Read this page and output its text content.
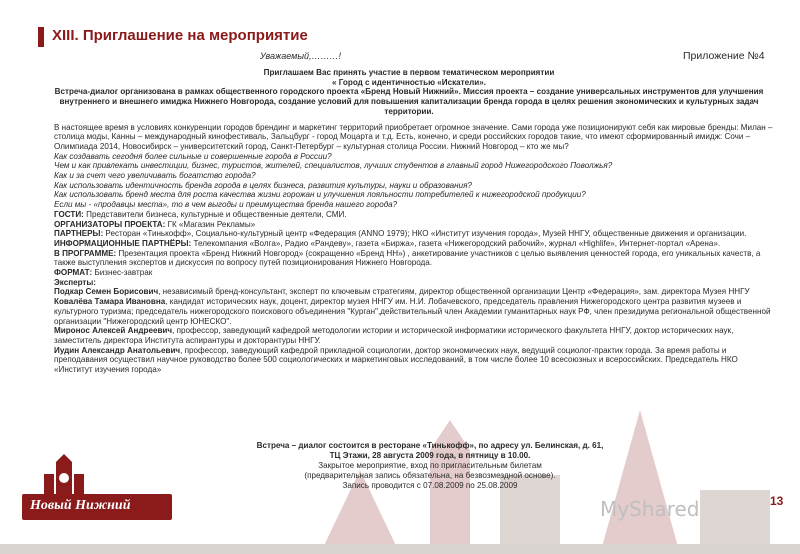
XIII. Приглашение на мероприятие
Уважаемый,………!	Приложение №4

Приглашаем Вас принять участие в первом тематическом мероприятии

« Город с идентичностью «Искатели».

Встреча-диалог организована в рамках общественного городского проекта «Бренд Новый Нижний». Миссия проекта – создание универсальных инструментов для улучшения внутреннего и внешнего имиджа Нижнего Новгорода, создание условий для повышения капитализации бренда города в целях решения экономических и культурных задач территории.

В настоящее время в условиях конкуренции городов брендинг и маркетинг территорий приобретает огромное значение. Сами города уже позиционируют себя как мировые бренды: Милан – столица моды, Канны – международный кинофестиваль, Зальцбург - город Моцарта и т.д. Есть, конечно, и среди российских городов такие, что имеют сформированный имидж: Сочи – Олимпиада 2014, Новосибирск – университетский город, Санкт-Петербург – культурная столица России. Нижний Новгород – кто же мы?

Как создавать сегодня более сильные и совершенные города в России?

Чем и как привлекать инвестиции, бизнес, туристов, жителей, специалистов, лучших студентов в главный город Нижегородского Поволжья?

Как и за счет чего увеличивать богатство города?

Как использовать идентичность бренда города в целях бизнеса, развития культуры, науки и образования?

Как использовать бренд места для роста качества жизни горожан и улучшения лояльности потребителей к нижегородской продукции?

Если мы - «продавцы места», то в чем выгоды и преимущества бренда нашего города?

ГОСТИ: Представители бизнеса, культурные и общественные деятели, СМИ.

ОРГАНИЗАТОРЫ ПРОЕКТА: ГК «Магазин Рекламы»

ПАРТНЕРЫ: Ресторан «Тинькофф», Социально-культурный центр «Федерация (ANNO 1979); НКО «Институт изучения города», Музей ННГУ, общественные движения и организации.

ИНФОРМАЦИОННЫЕ ПАРТНЁРЫ: Телекомпания «Волга», Радио «Рандеву», газета «Биржа», газета «Нижегородский рабочий», журнал «Highlife», Интернет-портал «Арена».

В ПРОГРАММЕ: Презентация проекта «Бренд Нижний Новгород» (сокращенно «Бренд НН») , анкетирование участников с целью выявления ценностей города, его уникальных качеств, а также выступления экспертов и дискуссия по вопросу путей позиционирования Нижнего Новгорода.

ФОРМАТ: Бизнес-завтрак

Эксперты:

Подкар Семен Борисович, независимый бренд-консультант, эксперт по ключевым стратегиям, директор общественной организации Центр «Федерация», зам. директора Музея ННГУ

Ковалёва Тамара Ивановна, кандидат исторических наук, доцент, директор музея ННГУ им. Н.И. Лобачевского, председатель правления Нижегородского центра развития музеев и культурного туризма; председатель нижегородского поискового объединения "Курган",действительный член Академии гуманитарных наук РФ, член президиума региональной общественной организации "Нижегородский центр ЮНЕСКО".

Миронос Алексей Андреевич, профессор, заведующий кафедрой методологии истории и исторической информатики исторического факультета ННГУ, доктор исторических наук, заместитель директора Института аспирантуры и докторантуры ННГУ.

Иудин Александр Анатольевич, профессор, заведующий кафедрой прикладной социологии, доктор экономических наук, ведущий социолог-практик города. За время работы и преподавания осуществил научное руководство более 500 социологических и маркетинговых исследований, в том числе более 10 всесоюзных и всероссийских. Председатель НКО «Институт изучения города»

Встреча – диалог состоится в ресторане «Тинькофф», по адресу ул. Белинская, д. 61,
ТЦ Этажи, 28 августа 2009 года, в пятницу в 10.00.
Закрытое мероприятие, вход по пригласительным билетам
(предварительная запись обязательна, на безвозмездной основе).
Запись проводится с 07.08.2009 по 25.08.2009
Новый Нижний	MyShared	13
